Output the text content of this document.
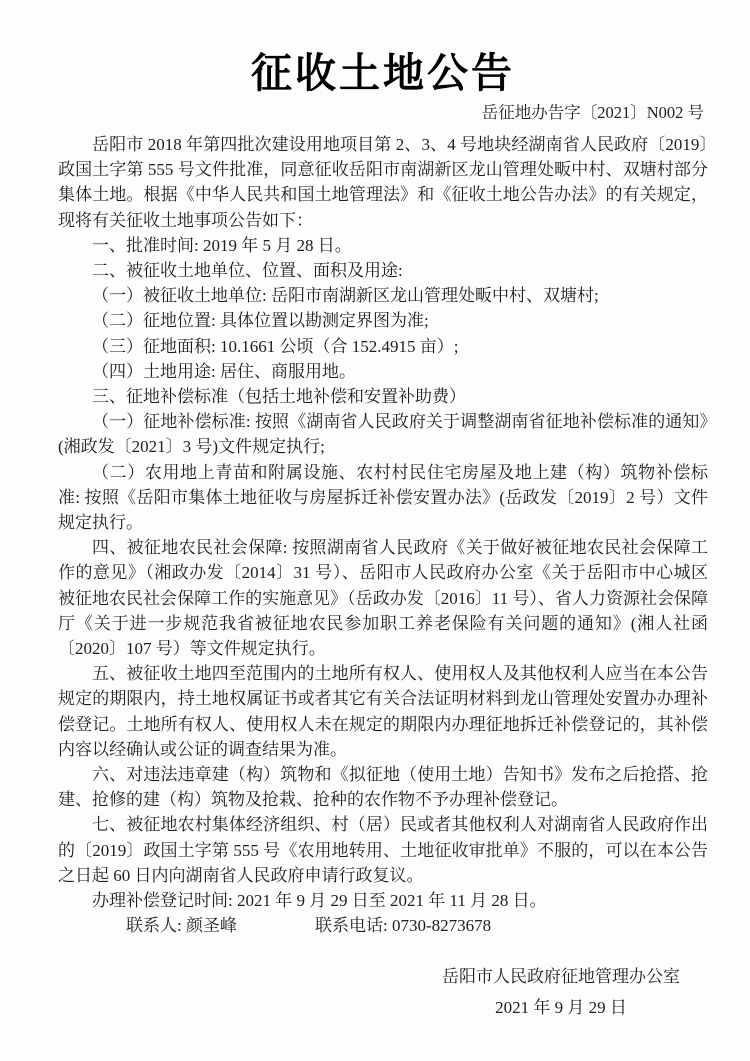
征收土地公告
岳征地办告字〔2021〕N002 号

岳阳市 2018 年第四批次建设用地项目第 2、3、4 号地块经湖南省人民政府〔2019〕政国土字第 555 号文件批准，同意征收岳阳市南湖新区龙山管理处畈中村、双塘村部分集体土地。根据《中华人民共和国土地管理法》和《征收土地公告办法》的有关规定，现将有关征收土地事项公告如下：

一、批准时间: 2019 年 5 月 28 日。

二、被征收土地单位、位置、面积及用途:

（一）被征收土地单位: 岳阳市南湖新区龙山管理处畈中村、双塘村;

（二）征地位置: 具体位置以勘测定界图为准;

（三）征地面积: 10.1661 公顷（合 152.4915 亩）;

（四）土地用途: 居住、商服用地。

三、征地补偿标准（包括土地补偿和安置补助费）

（一）征地补偿标准: 按照《湖南省人民政府关于调整湖南省征地补偿标准的通知》(湘政发〔2021〕3 号)文件规定执行;

（二）农用地上青苗和附属设施、农村村民住宅房屋及地上建（构）筑物补偿标准: 按照《岳阳市集体土地征收与房屋拆迁补偿安置办法》(岳政发〔2019〕2 号）文件规定执行。

四、被征地农民社会保障: 按照湖南省人民政府《关于做好被征地农民社会保障工作的意见》（湘政办发〔2014〕31 号）、岳阳市人民政府办公室《关于岳阳市中心城区被征地农民社会保障工作的实施意见》（岳政办发〔2016〕11 号）、省人力资源社会保障厅《关于进一步规范我省被征地农民参加职工养老保险有关问题的通知》(湘人社函〔2020〕107 号）等文件规定执行。

五、被征收土地四至范围内的土地所有权人、使用权人及其他权利人应当在本公告规定的期限内，持土地权属证书或者其它有关合法证明材料到龙山管理处安置办办理补偿登记。土地所有权人、使用权人未在规定的期限内办理征地拆迁补偿登记的，其补偿内容以经确认或公证的调查结果为准。

六、对违法违章建（构）筑物和《拟征地（使用土地）告知书》发布之后抢搭、抢建、抢修的建（构）筑物及抢栽、抢种的农作物不予办理补偿登记。

七、被征地农村集体经济组织、村（居）民或者其他权利人对湖南省人民政府作出的〔2019〕政国土字第 555 号《农用地转用、土地征收审批单》不服的，可以在本公告之日起 60 日内向湖南省人民政府申请行政复议。

办理补偿登记时间: 2021 年 9 月 29 日至 2021 年 11 月 28 日。

联系人: 颜圣峰	联系电话: 0730-8273678
岳阳市人民政府征地管理办公室
2021 年 9 月 29 日
